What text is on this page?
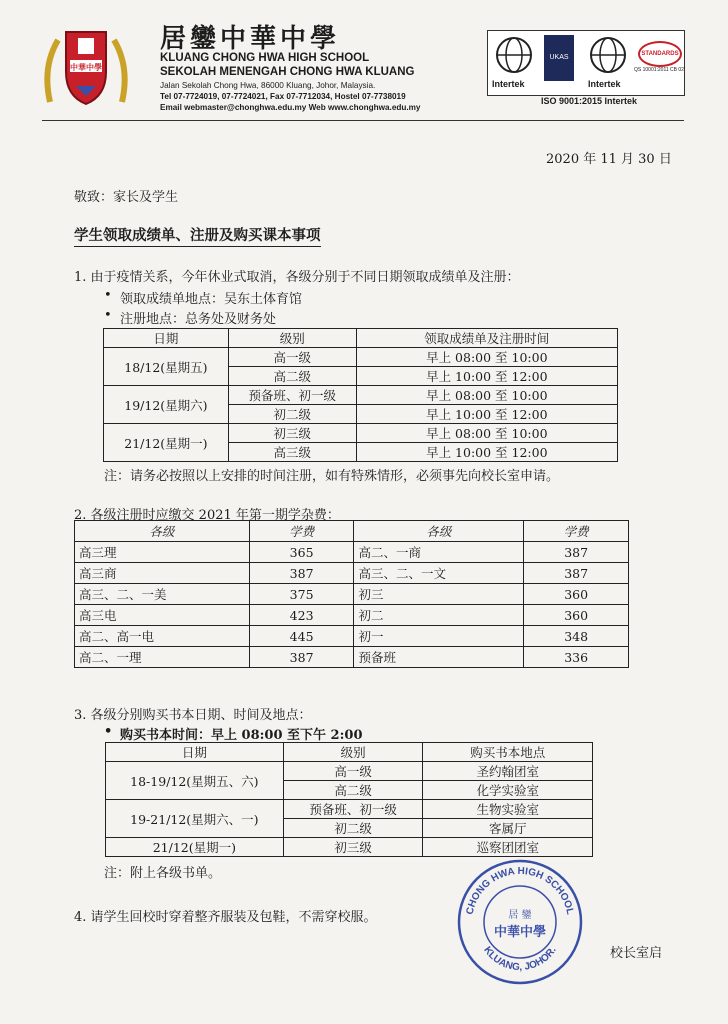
中華中學
居鑾中華中學
KLUANG CHONG HWA HIGH SCHOOL
SEKOLAH MENENGAH CHONG HWA KLUANG
Jalan Sekolah Chong Hwa, 86000 Kluang, Johor, Malaysia.
Tel 07-7724019, 07-7724021, Fax 07-7712034, Hostel 07-7738019
Email webmaster@chonghwa.edu.my Web www.chonghwa.edu.my
Intertek
UKAS
Intertek
STANDARDS
QS 10001:2011 CB 02
ISO 9001:2015 Intertek
2020 年 11 月 30 日
敬致：家长及学生
学生领取成绩单、注册及购买课本事项
1. 由于疫情关系，今年休业式取消，各级分别于不同日期领取成绩单及注册：
• 领取成绩单地点：吴东土体育馆
• 注册地点：总务处及财务处
日期	级别	领取成绩单及注册时间
18/12(星期五)	高一级	早上 08:00 至 10:00
	高二级	早上 10:00 至 12:00
19/12(星期六)	预备班、初一级	早上 08:00 至 10:00
	初二级	早上 10:00 至 12:00
21/12(星期一)	初三级	早上 08:00 至 10:00
	高三级	早上 10:00 至 12:00
注：请务必按照以上安排的时间注册，如有特殊情形，必须事先向校长室申请。
2. 各级注册时应缴交 2021 年第一期学杂费：
各级	学费	各级	学费
高三理	365	高二、一商	387
高三商	387	高三、二、一文	387
高三、二、一美	375	初三	360
高三电	423	初二	360
高二、高一电	445	初一	348
高二、一理	387	预备班	336
3. 各级分别购买书本日期、时间及地点：
• 购买书本时间：早上 08:00 至下午 2:00
日期	级别	购买书本地点
18-19/12(星期五、六)	高一级	圣约翰团室
	高二级	化学实验室
19-21/12(星期六、一)	预备班、初一级	生物实验室
	初二级	客属厅
21/12(星期一)	初三级	巡察团团室
注：附上各级书单。
4. 请学生回校时穿着整齐服装及包鞋，不需穿校服。
校长室启
CHONG HWA HIGH SCHOOL
KLUANG, JOHOR.
居 鑾
中華中學
